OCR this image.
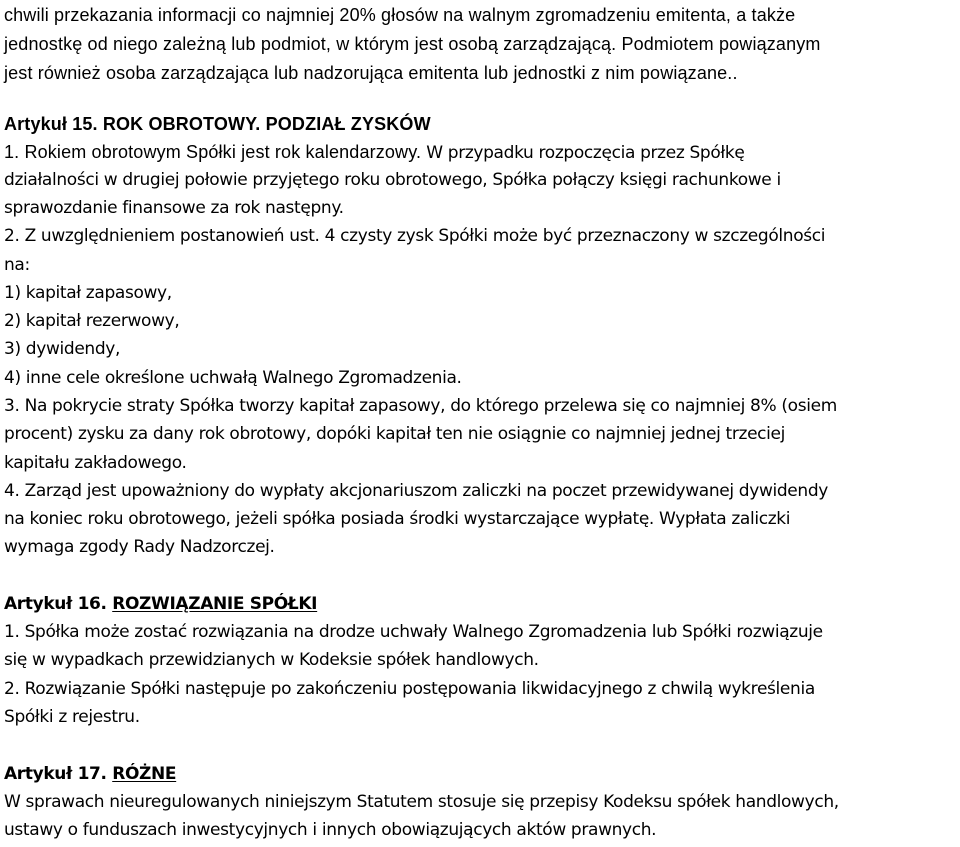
chwili przekazania informacji co najmniej 20% głosów na walnym zgromadzeniu emitenta, a także

jednostkę od niego zależną lub podmiot, w którym jest osobą zarządzającą. Podmiotem powiązanym

jest również osoba zarządzająca lub nadzorująca emitenta lub jednostki z nim powiązane..

Artykuł 15. ROK OBROTOWY. PODZIAŁ ZYSKÓW

1. Rokiem obrotowym Spółki jest rok kalendarzowy. W przypadku rozpoczęcia przez Spółkę

działalności w drugiej połowie przyjętego roku obrotowego, Spółka połączy księgi rachunkowe i

sprawozdanie finansowe za rok następny.

2. Z uwzględnieniem postanowień ust. 4 czysty zysk Spółki może być przeznaczony w szczególności

na:

1) kapitał zapasowy,

2) kapitał rezerwowy,

3) dywidendy,

4) inne cele określone uchwałą Walnego Zgromadzenia.

3. Na pokrycie straty Spółka tworzy kapitał zapasowy, do którego przelewa się co najmniej 8% (osiem

procent) zysku za dany rok obrotowy, dopóki kapitał ten nie osiągnie co najmniej jednej trzeciej

kapitału zakładowego.

4. Zarząd jest upoważniony do wypłaty akcjonariuszom zaliczki na poczet przewidywanej dywidendy

na koniec roku obrotowego, jeżeli spółka posiada środki wystarczające wypłatę. Wypłata zaliczki

wymaga zgody Rady Nadzorczej.

Artykuł 16. ROZWIĄZANIE SPÓŁKI

1. Spółka może zostać rozwiązania na drodze uchwały Walnego Zgromadzenia lub Spółki rozwiązuje

się w wypadkach przewidzianych w Kodeksie spółek handlowych.

2. Rozwiązanie Spółki następuje po zakończeniu postępowania likwidacyjnego z chwilą wykreślenia

Spółki z rejestru.

Artykuł 17. RÓŻNE

W sprawach nieuregulowanych niniejszym Statutem stosuje się przepisy Kodeksu spółek handlowych,

ustawy o funduszach inwestycyjnych i innych obowiązujących aktów prawnych.
